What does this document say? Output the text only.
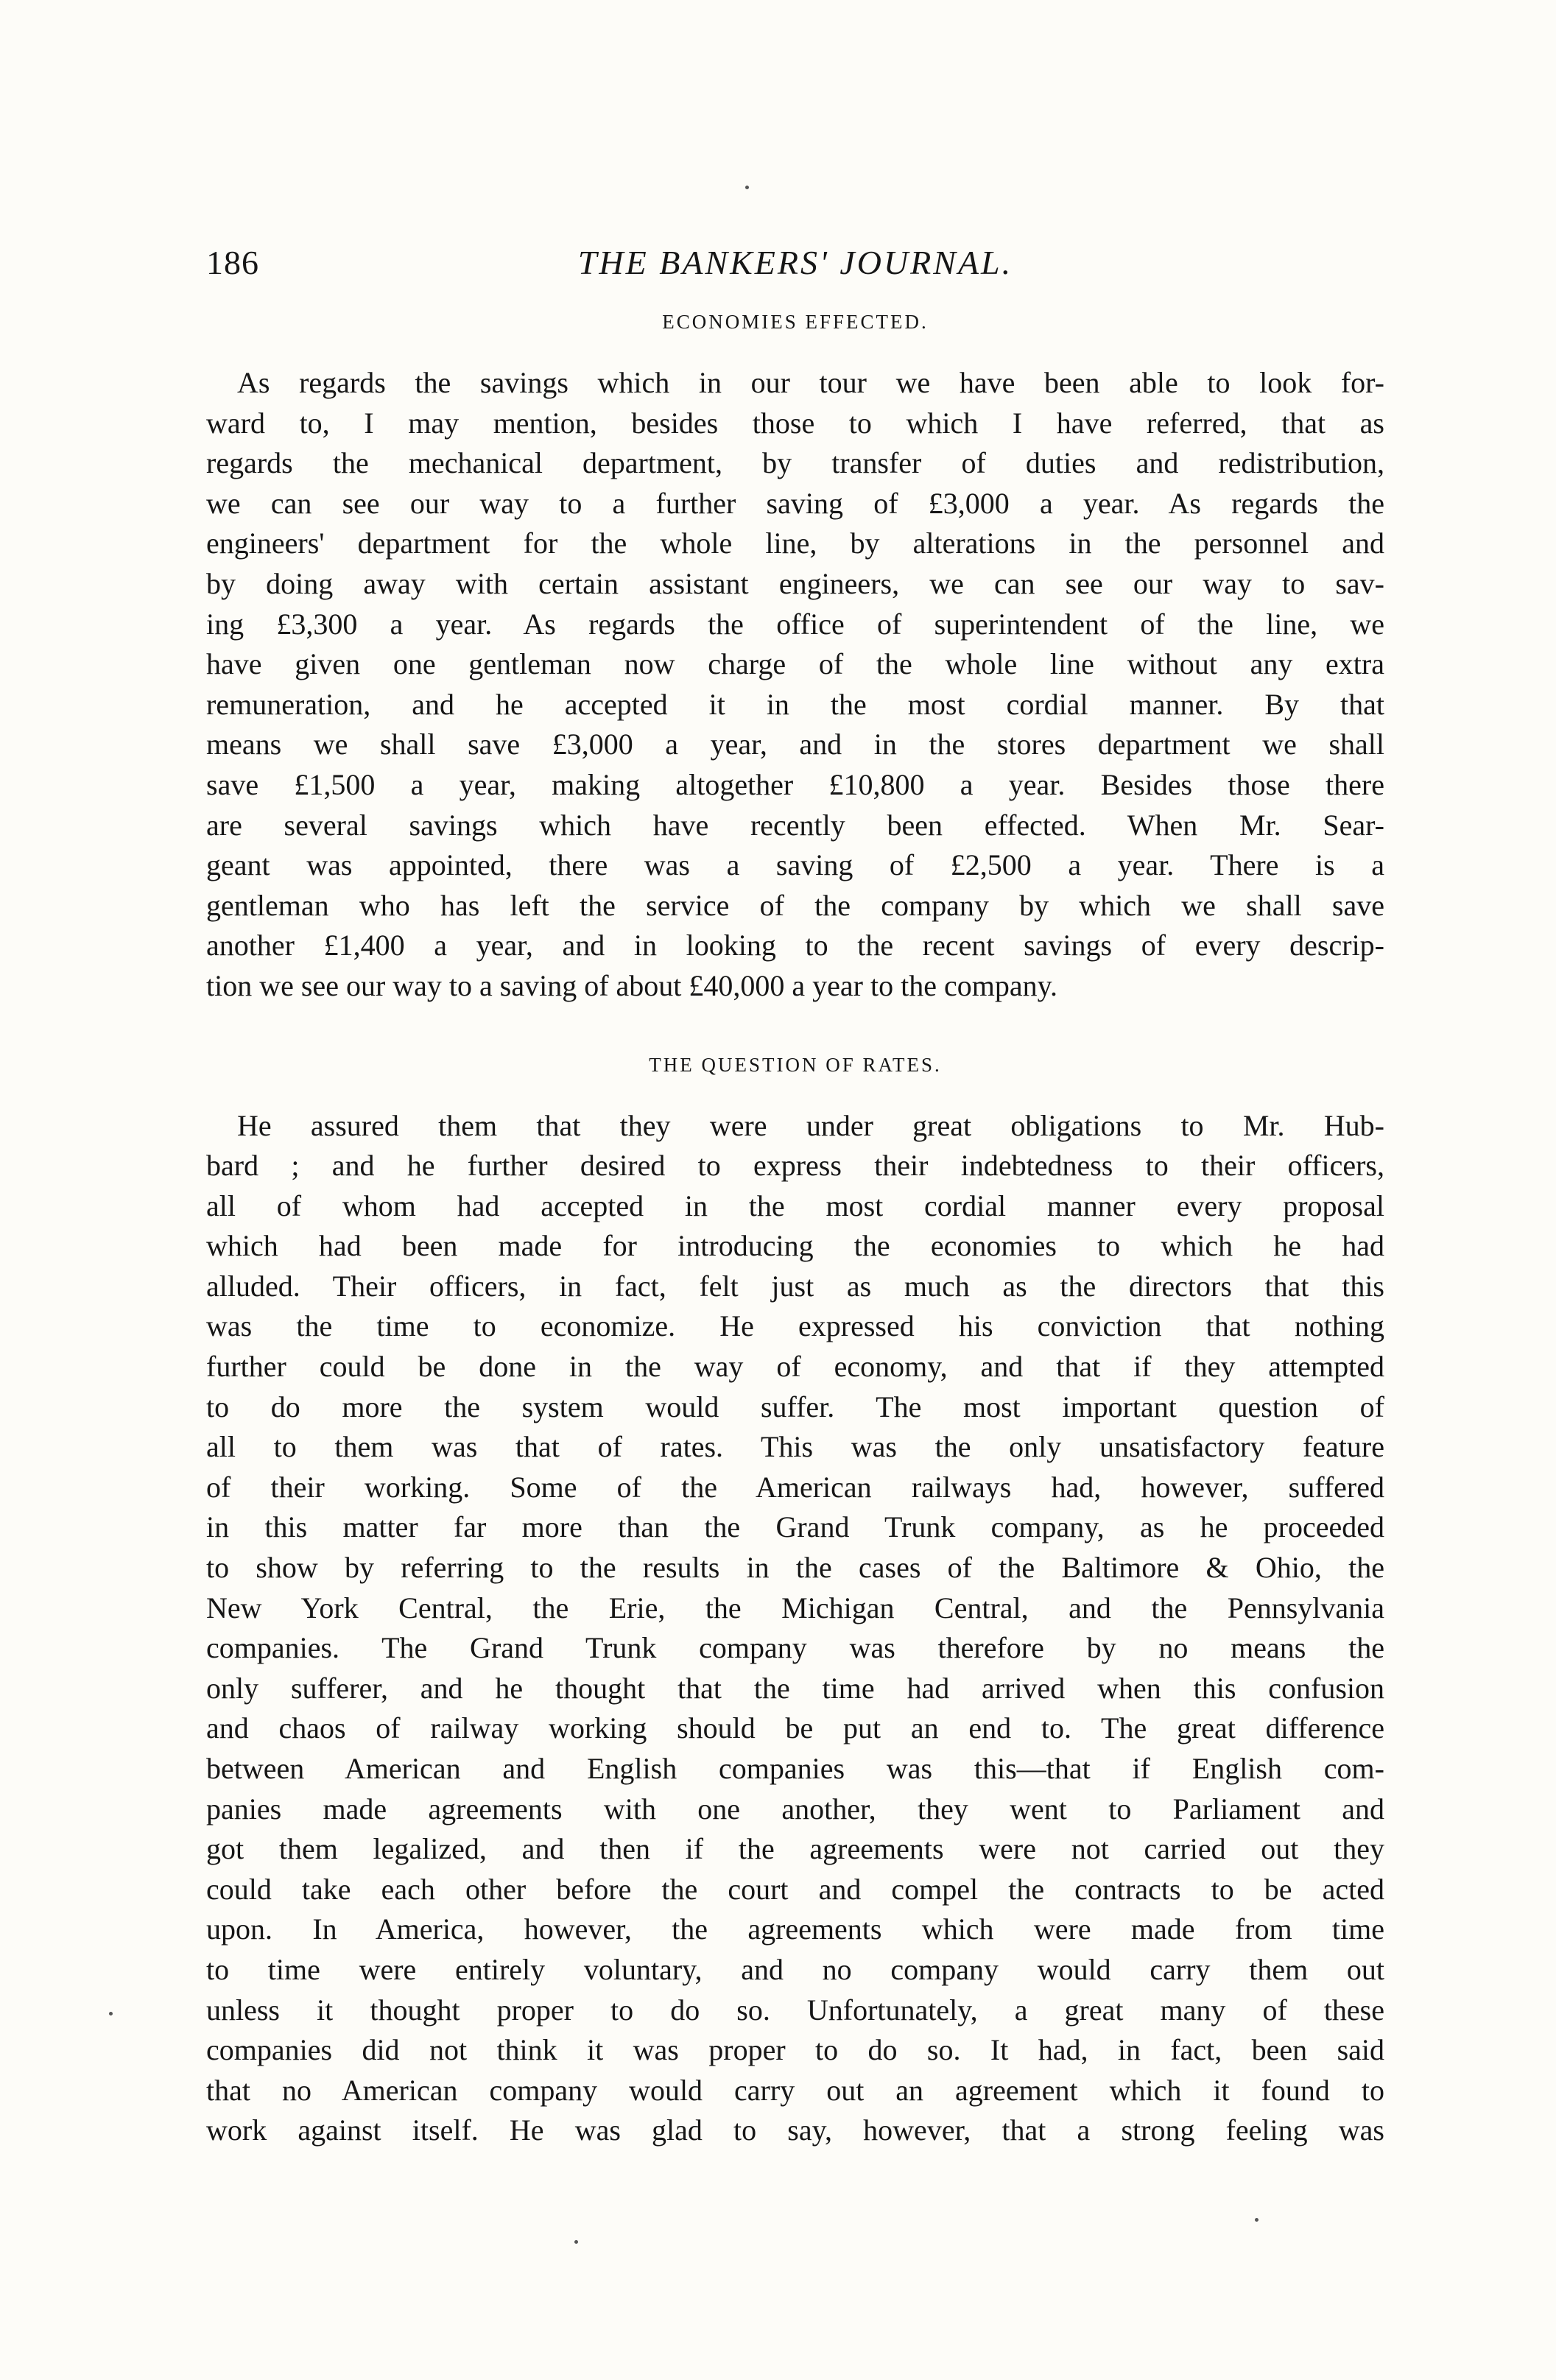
186	THE BANKERS' JOURNAL.
ECONOMIES EFFECTED.
As regards the savings which in our tour we have been able to look for-
ward to, I may mention, besides those to which I have referred, that as
regards the mechanical department, by transfer of duties and redistribution,
we can see our way to a further saving of £3,000 a year. As regards the
engineers' department for the whole line, by alterations in the personnel and
by doing away with certain assistant engineers, we can see our way to sav-
ing £3,300 a year. As regards the office of superintendent of the line, we
have given one gentleman now charge of the whole line without any extra
remuneration, and he accepted it in the most cordial manner. By that
means we shall save £3,000 a year, and in the stores department we shall
save £1,500 a year, making altogether £10,800 a year. Besides those there
are several savings which have recently been effected. When Mr. Sear-
geant was appointed, there was a saving of £2,500 a year. There is a
gentleman who has left the service of the company by which we shall save
another £1,400 a year, and in looking to the recent savings of every descrip-
tion we see our way to a saving of about £40,000 a year to the company.
THE QUESTION OF RATES.
He assured them that they were under great obligations to Mr. Hub-
bard ; and he further desired to express their indebtedness to their officers,
all of whom had accepted in the most cordial manner every proposal
which had been made for introducing the economies to which he had
alluded. Their officers, in fact, felt just as much as the directors that this
was the time to economize. He expressed his conviction that nothing
further could be done in the way of economy, and that if they attempted
to do more the system would suffer. The most important question of
all to them was that of rates. This was the only unsatisfactory feature
of their working. Some of the American railways had, however, suffered
in this matter far more than the Grand Trunk company, as he proceeded
to show by referring to the results in the cases of the Baltimore & Ohio, the
New York Central, the Erie, the Michigan Central, and the Pennsylvania
companies. The Grand Trunk company was therefore by no means the
only sufferer, and he thought that the time had arrived when this confusion
and chaos of railway working should be put an end to. The great difference
between American and English companies was this—that if English com-
panies made agreements with one another, they went to Parliament and
got them legalized, and then if the agreements were not carried out they
could take each other before the court and compel the contracts to be acted
upon. In America, however, the agreements which were made from time
to time were entirely voluntary, and no company would carry them out
unless it thought proper to do so. Unfortunately, a great many of these
companies did not think it was proper to do so. It had, in fact, been said
that no American company would carry out an agreement which it found to
work against itself. He was glad to say, however, that a strong feeling was
